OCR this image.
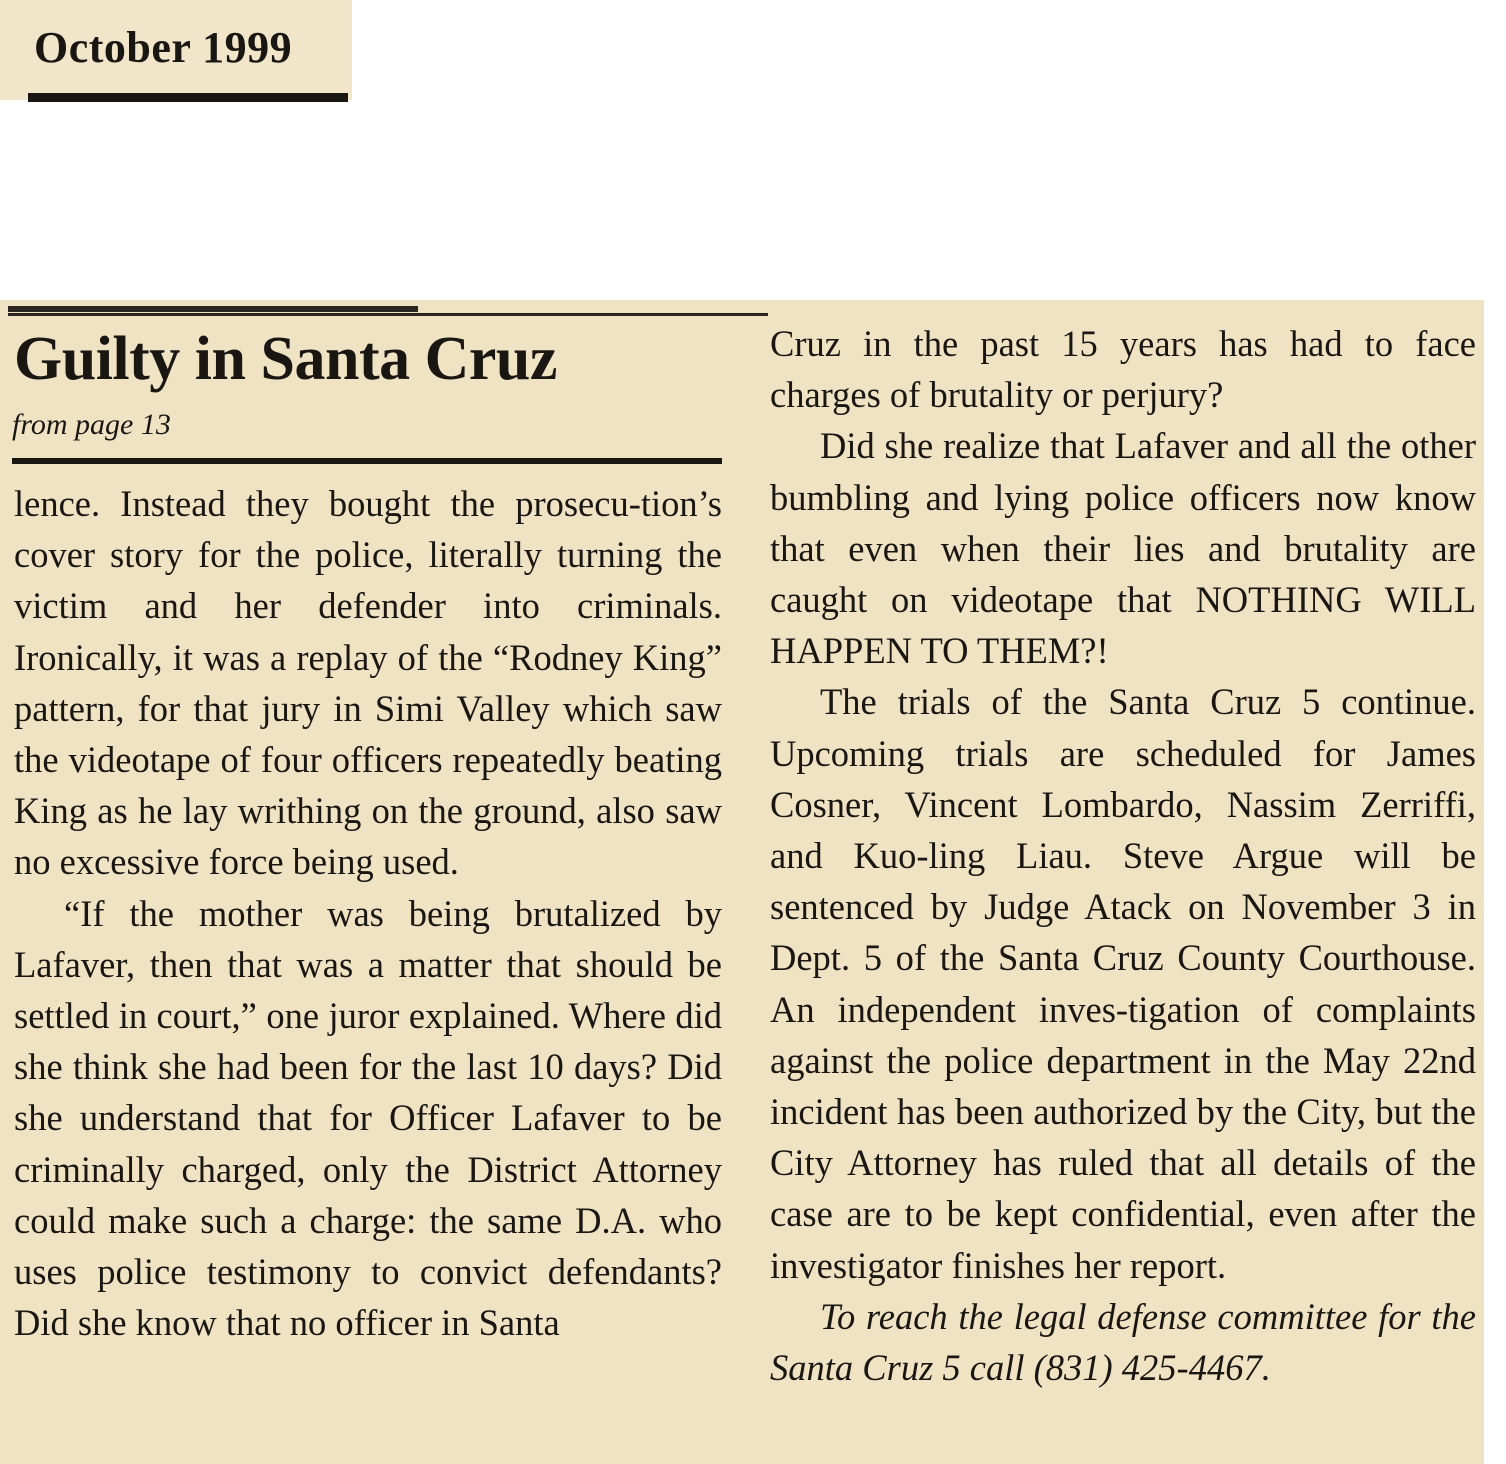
October 1999
Guilty in Santa Cruz
from page 13

lence. Instead they bought the prosecu-tion’s cover story for the police, literally turning the victim and her defender into criminals. Ironically, it was a replay of the “Rodney King” pattern, for that jury in Simi Valley which saw the videotape of four officers repeatedly beating King as he lay writhing on the ground, also saw no excessive force being used.

“If the mother was being brutalized by Lafaver, then that was a matter that should be settled in court,” one juror explained. Where did she think she had been for the last 10 days? Did she understand that for Officer Lafaver to be criminally charged, only the District Attorney could make such a charge: the same D.A. who uses police testimony to convict defendants? Did she know that no officer in Santa

Cruz in the past 15 years has had to face charges of brutality or perjury?

Did she realize that Lafaver and all the other bumbling and lying police officers now know that even when their lies and brutality are caught on videotape that NOTHING WILL HAPPEN TO THEM?!

The trials of the Santa Cruz 5 continue. Upcoming trials are scheduled for James Cosner, Vincent Lombardo, Nassim Zerriffi, and Kuo-ling Liau. Steve Argue will be sentenced by Judge Atack on November 3 in Dept. 5 of the Santa Cruz County Courthouse. An independent inves-tigation of complaints against the police department in the May 22nd incident has been authorized by the City, but the City Attorney has ruled that all details of the case are to be kept confidential, even after the investigator finishes her report.

To reach the legal defense committee for the Santa Cruz 5 call (831) 425-4467.
